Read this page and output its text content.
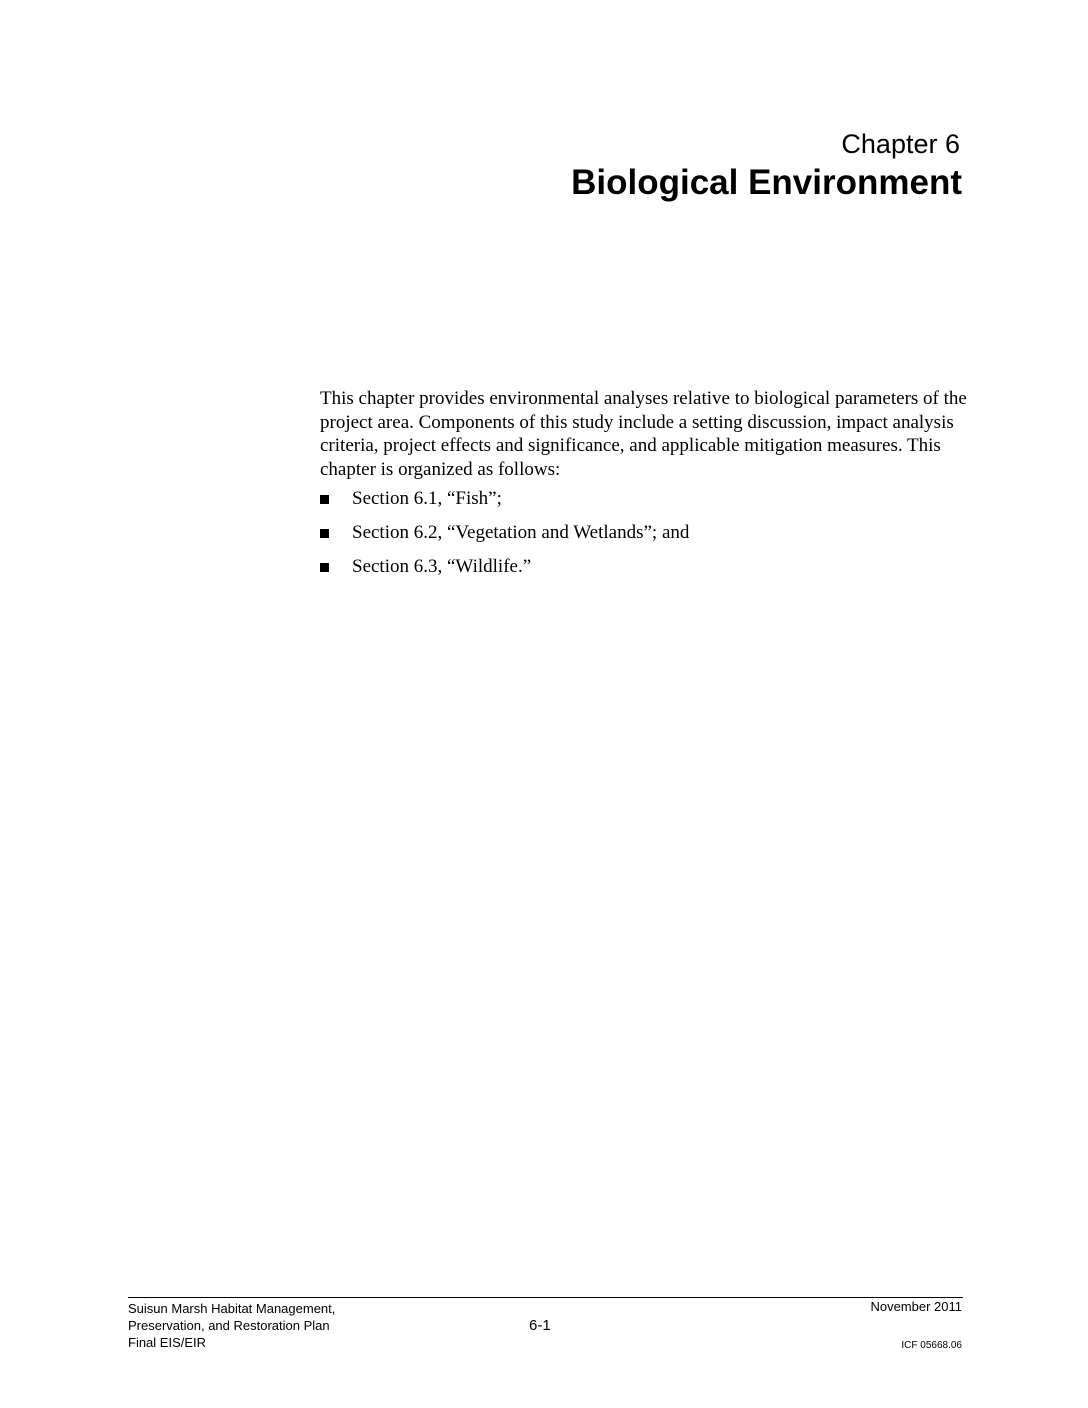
Chapter 6
Biological Environment

This chapter provides environmental analyses relative to biological parameters of the project area. Components of this study include a setting discussion, impact analysis criteria, project effects and significance, and applicable mitigation measures. This chapter is organized as follows:

Section 6.1, “Fish”;
Section 6.2, “Vegetation and Wetlands”; and
Section 6.3, “Wildlife.”
Suisun Marsh Habitat Management,
Preservation, and Restoration Plan
Final EIS/EIR
6-1
November 2011
ICF 05668.06
